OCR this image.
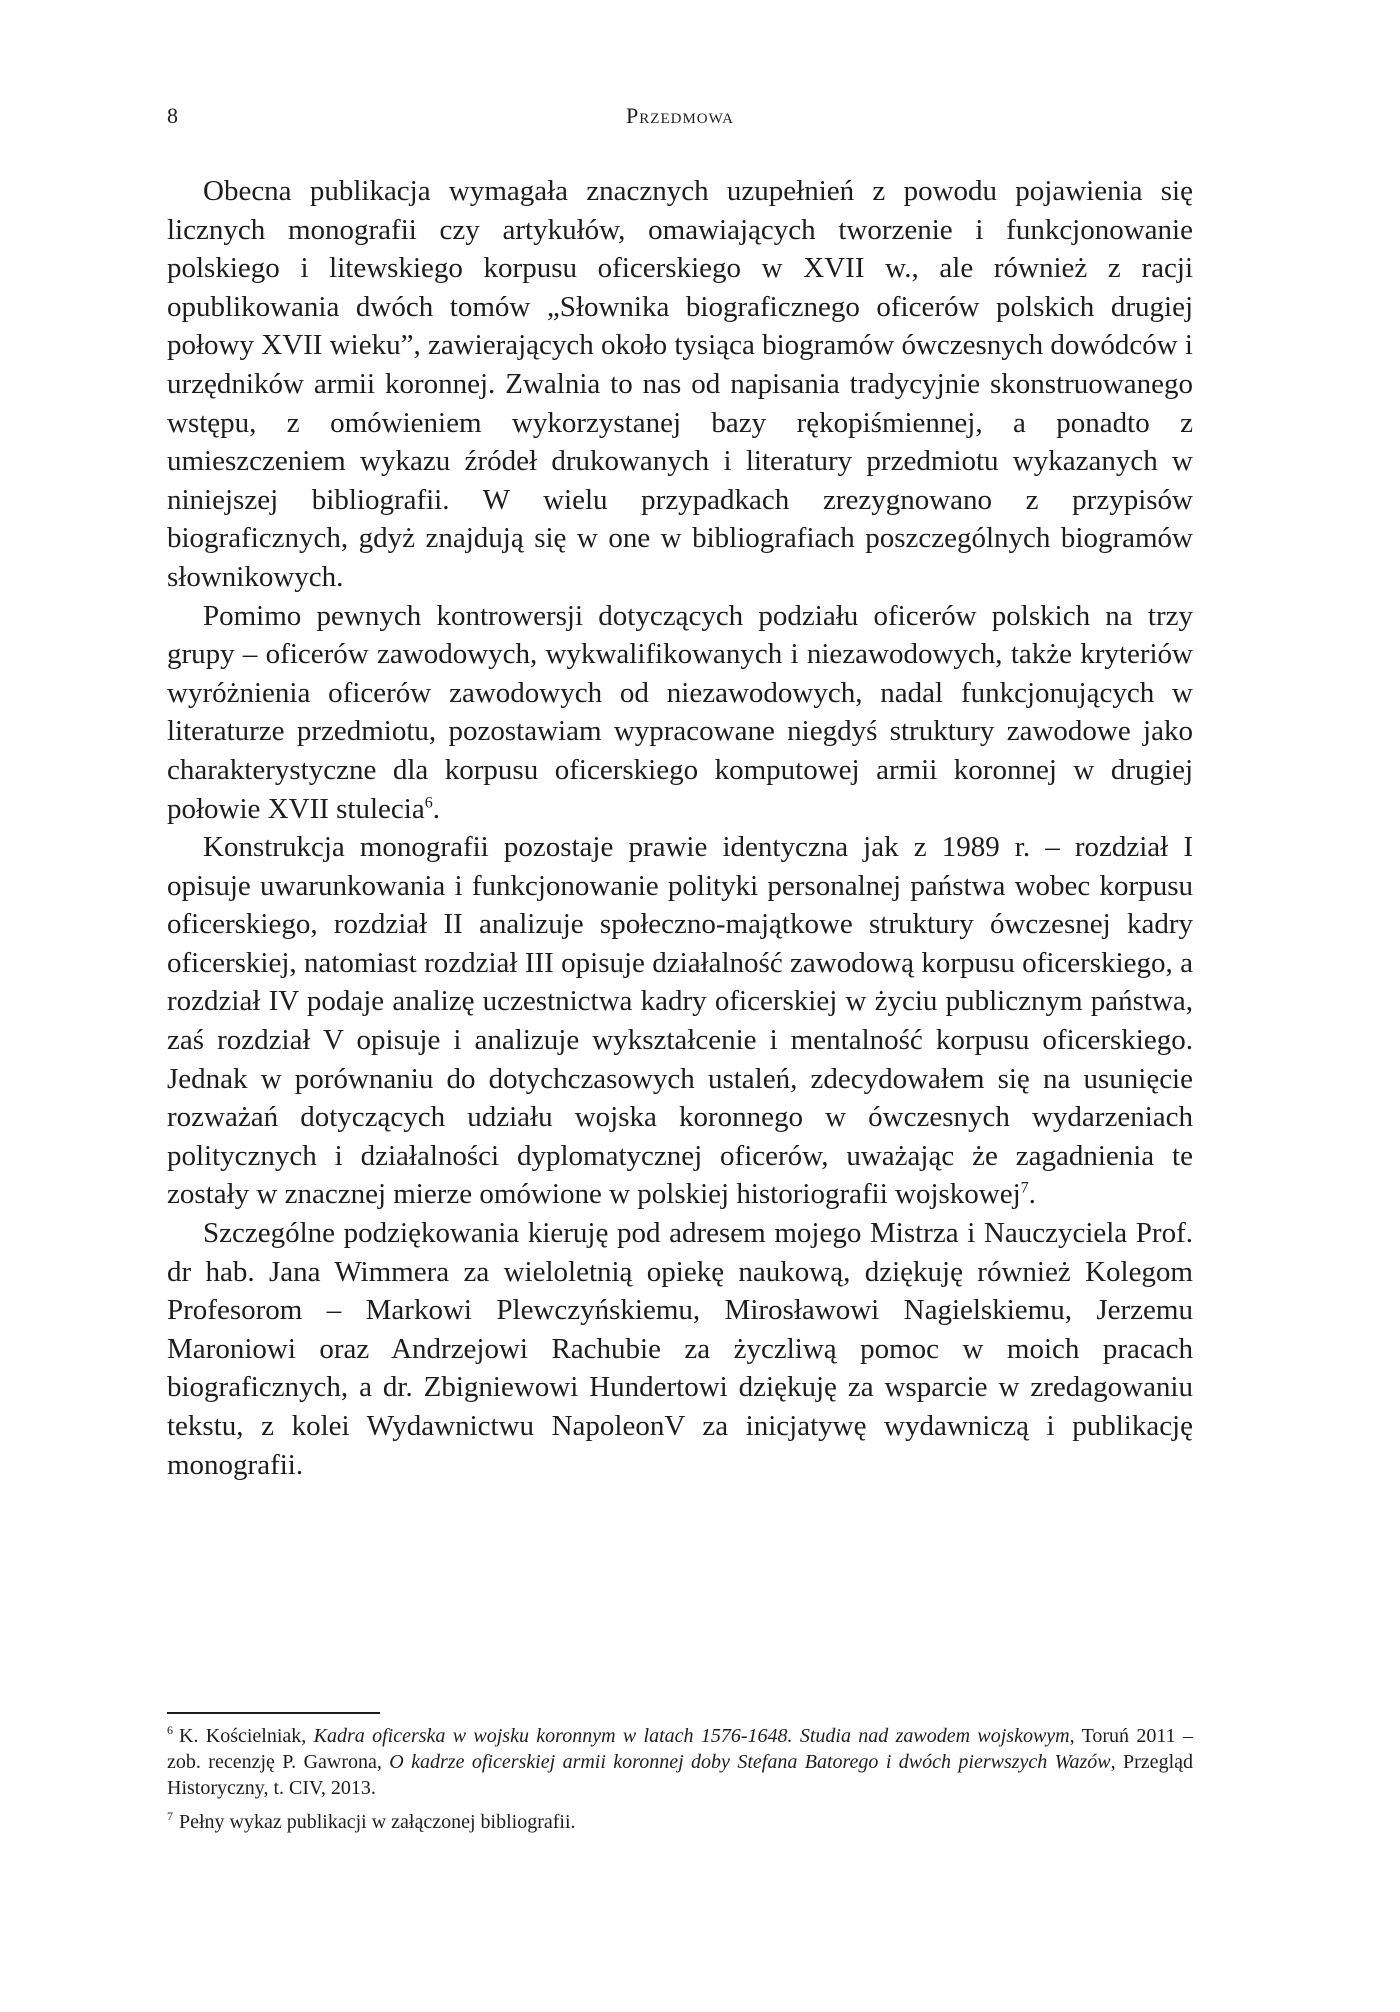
8	Przedmowa

Obecna publikacja wymagała znacznych uzupełnień z powodu pojawienia się licznych monografii czy artykułów, omawiających tworzenie i funkcjonowanie polskiego i litewskiego korpusu oficerskiego w XVII w., ale również z racji opublikowania dwóch tomów „Słownika biograficznego oficerów polskich drugiej połowy XVII wieku”, zawierających około tysiąca biogramów ówczesnych dowódców i urzędników armii koronnej. Zwalnia to nas od napisania tradycyjnie skonstruowanego wstępu, z omówieniem wykorzystanej bazy rękopiśmiennej, a ponadto z umieszczeniem wykazu źródeł drukowanych i literatury przedmiotu wykazanych w niniejszej bibliografii. W wielu przypadkach zrezygnowano z przypisów biograficznych, gdyż znajdują się w one w bibliografiach poszczególnych biogramów słownikowych.

Pomimo pewnych kontrowersji dotyczących podziału oficerów polskich na trzy grupy – oficerów zawodowych, wykwalifikowanych i niezawodowych, także kryteriów wyróżnienia oficerów zawodowych od niezawodowych, nadal funkcjonujących w literaturze przedmiotu, pozostawiam wypracowane niegdyś struktury zawodowe jako charakterystyczne dla korpusu oficerskiego komputowej armii koronnej w drugiej połowie XVII stulecia$^6$.

Konstrukcja monografii pozostaje prawie identyczna jak z 1989 r. – rozdział I opisuje uwarunkowania i funkcjonowanie polityki personalnej państwa wobec korpusu oficerskiego, rozdział II analizuje społeczno-majątkowe struktury ówczesnej kadry oficerskiej, natomiast rozdział III opisuje działalność zawodową korpusu oficerskiego, a rozdział IV podaje analizę uczestnictwa kadry oficerskiej w życiu publicznym państwa, zaś rozdział V opisuje i analizuje wykształcenie i mentalność korpusu oficerskiego. Jednak w porównaniu do dotychczasowych ustaleń, zdecydowałem się na usunięcie rozważań dotyczących udziału wojska koronnego w ówczesnych wydarzeniach politycznych i działalności dyplomatycznej oficerów, uważając że zagadnienia te zostały w znacznej mierze omówione w polskiej historiografii wojskowej$^7$.

Szczególne podziękowania kieruję pod adresem mojego Mistrza i Nauczyciela Prof. dr hab. Jana Wimmera za wieloletnią opiekę naukową, dziękuję również Kolegom Profesorom – Markowi Plewczyńskiemu, Mirosławowi Nagielskiemu, Jerzemu Maroniowi oraz Andrzejowi Rachubie za życzliwą pomoc w moich pracach biograficznych, a dr. Zbigniewowi Hundertowi dziękuję za wsparcie w zredagowaniu tekstu, z kolei Wydawnictwu NapoleonV za inicjatywę wydawniczą i publikację monografii.

$^6$ K. Kościelniak, Kadra oficerska w wojsku koronnym w latach 1576-1648. Studia nad zawodem wojskowym, Toruń 2011 – zob. recenzję P. Gawrona, O kadrze oficerskiej armii koronnej doby Stefana Batorego i dwóch pierwszych Wazów, Przegląd Historyczny, t. CIV, 2013.

$^7$ Pełny wykaz publikacji w załączonej bibliografii.
